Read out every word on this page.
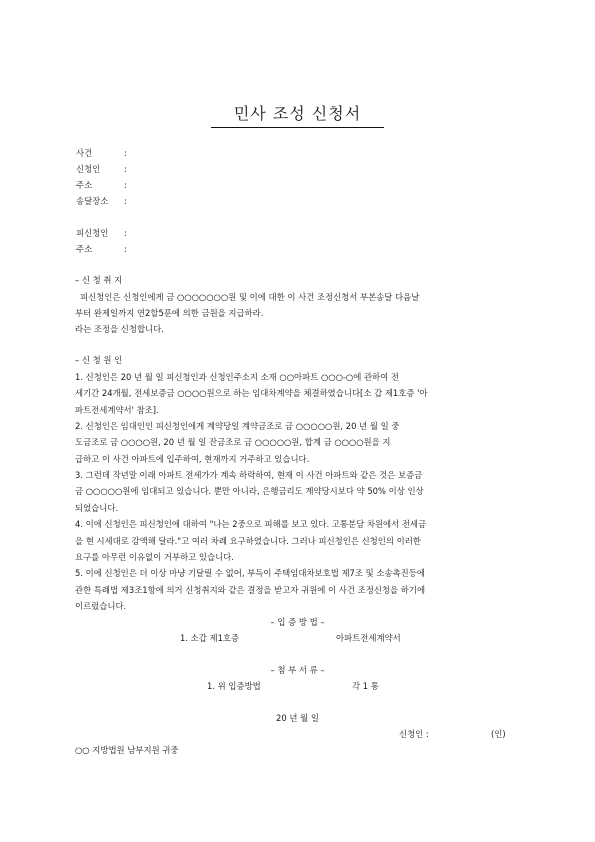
민사 조성 신청서
사건	:
신청인	:
주소	:
송달장소 :
피신청인 :
주소	:
– 신 청 취 지
피신청인은 신청인에게 금 ○○○○○○○원 및 이에 대한 이 사건 조정신청서 부본송달 다음날
부터 완제일까지 연2할5푼에 의한 금원을 지급하라.
라는 조정을 신청합니다.
– 신 청 원 인
1. 신청인은 20 년 월 일 피신청인과 신청인주소지 소재 ○○아파트 ○○○-○에 관하여 전
세기간 24개월, 전세보증금 ○○○○원으로 하는 임대차계약을 체결하였습니다[소 갑 제1호증 '아
파트전세계약서' 참조].
2. 신청인은 임대인인 피신청인에게 계약당일 계약금조로 금 ○○○○○원, 20 년 월 일 중
도금조로 금 ○○○○원, 20 년 월 일 잔금조로 금 ○○○○○원, 합계 금 ○○○○원을 지
급하고 이 사건 아파트에 입주하여, 현재까지 거주하고 있습니다.
3. 그런데 작년말 이래 아파트 전세가가 계속 하락하여, 현재 이 사건 아파트와 같은 것은 보증금
금 ○○○○○원에 임대되고 있습니다. 뿐만 아니라, 은행금리도 계약당시보다 약 50% 이상 인상
되었습니다.
4. 이에 신청인은 피신청인에 대하여 "나는 2중으로 피해를 보고 있다. 고통분담 차원에서 전세금
을 현 시세대로 감액해 달라."고 여러 차례 요구하였습니다. 그러나 피신청인은 신청인의 이러한
요구를 아무런 이유없이 거부하고 있습니다.
5. 이에 신청인은 더 이상 마냥 기달릴 수 없어, 부득이 주택임대차보호법 제7조 및 소송촉진등에
관한 특례법 제3조1항에 의거 신청취지와 같은 결정을 받고자 귀원에 이 사건 조정신청을 하기에
이르렀습니다.
– 입 증 방 법 –
1. 소갑 제1호증	아파트전세계약서
– 첨 부 서 류 –
1. 위 입증방법	각 1 통
20 년 월 일
신청인 :	(인)
○○ 지방법원 남부지원 귀중
